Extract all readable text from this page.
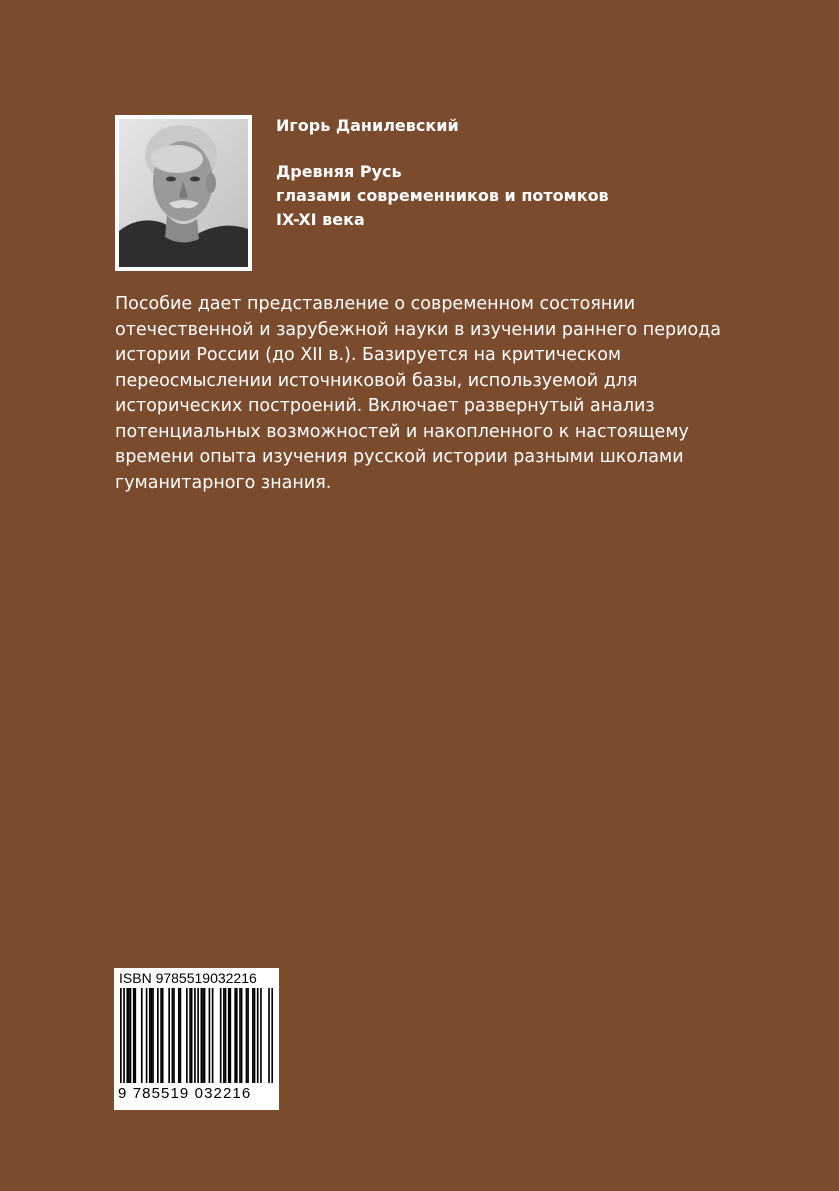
Игорь Данилевский
Древняя Русь
глазами современников и потомков
IX-XI века

Пособие дает представление о современном состоянии отечественной и зарубежной науки в изучении раннего периода истории России (до XII в.). Базируется на критическом переосмыслении источниковой базы, используемой для исторических построений. Включает развернутый анализ потенциальных возможностей и накопленного к настоящему времени опыта изучения русской истории разными школами гуманитарного знания.

ISBN 9785519032216
9 785519 032216
